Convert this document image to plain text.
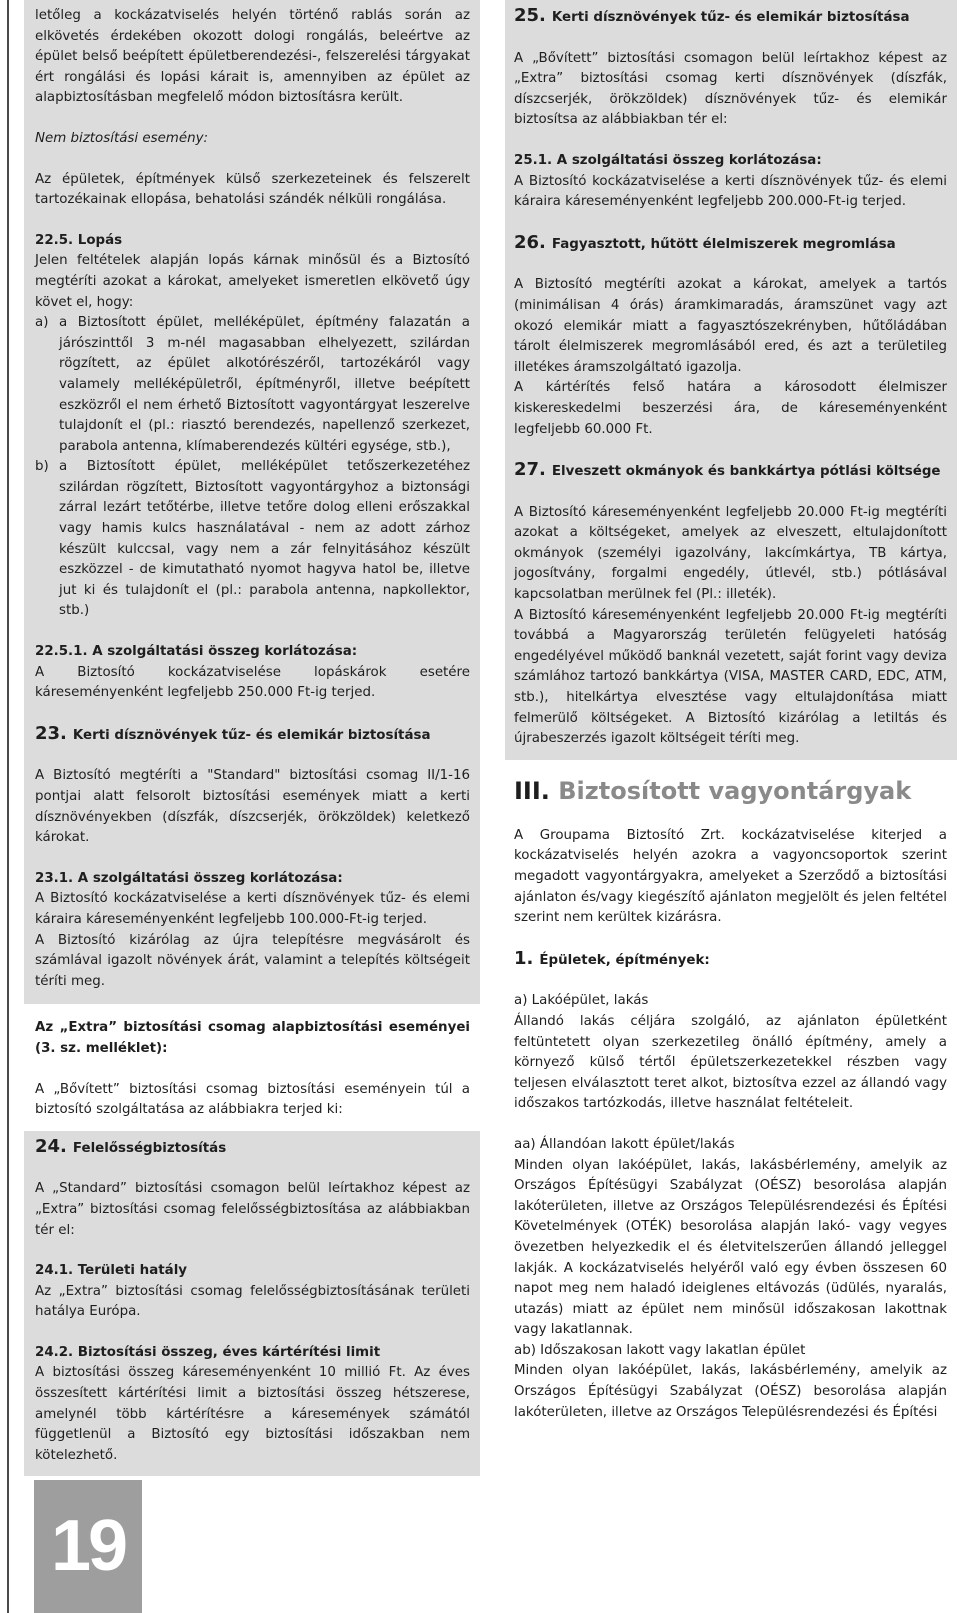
letőleg a kockázatviselés helyén történő rablás során az elkövetés érdekében okozott dologi rongálás, beleértve az épület belső beépített épületberendezési-, felszerelési tárgyakat ért rongálási és lopási kárait is, amennyiben az épület az alapbiztosításban megfelelő módon biztosításra került.

Nem biztosítási esemény:

Az épületek, építmények külső szerkezeteinek és felszerelt tartozékainak ellopása, behatolási szándék nélküli rongálása.

22.5. Lopás

Jelen feltételek alapján lopás kárnak minősül és a Biztosító megtéríti azokat a károkat, amelyeket ismeretlen elkövető úgy követ el, hogy:

a) a Biztosított épület, melléképület, építmény falazatán a járószinttől 3 m-nél magasabban elhelyezett, szilárdan rögzített, az épület alkotórészéről, tartozékáról vagy valamely melléképületről, építményről, illetve beépített eszközről el nem érhető Biztosított vagyontárgyat leszerelve tulajdonít el (pl.: riasztó berendezés, napellenző szerkezet, parabola antenna, klímaberendezés kültéri egysége, stb.),
b) a Biztosított épület, melléképület tetőszerkezetéhez szilárdan rögzített, Biztosított vagyontárgyhoz a biztonsági zárral lezárt tetőtérbe, illetve tetőre dolog elleni erőszakkal vagy hamis kulcs használatával - nem az adott zárhoz készült kulccsal, vagy nem a zár felnyitásához készült eszközzel - de kimutatható nyomot hagyva hatol be, illetve jut ki és tulajdonít el (pl.: parabola antenna, napkollektor, stb.)

22.5.1. A szolgáltatási összeg korlátozása:

A Biztosító kockázatviselése lopáskárok esetére káreseményenként legfeljebb 250.000 Ft-ig terjed.

23. Kerti dísznövények tűz- és elemikár biztosítása

A Biztosító megtéríti a "Standard" biztosítási csomag II/1-16 pontjai alatt felsorolt biztosítási események miatt a kerti dísznövényekben (díszfák, díszcserjék, örökzöldek) keletkező károkat.

23.1. A szolgáltatási összeg korlátozása:

A Biztosító kockázatviselése a kerti dísznövények tűz- és elemi káraira káreseményenként legfeljebb 100.000-Ft-ig terjed.

A Biztosító kizárólag az újra telepítésre megvásárolt és számlával igazolt növények árát, valamint a telepítés költségeit téríti meg.

Az „Extra” biztosítási csomag alapbiztosítási eseményei (3. sz. melléklet):

A „Bővített” biztosítási csomag biztosítási eseményein túl a biztosító szolgáltatása az alábbiakra terjed ki:

24. Felelősségbiztosítás

A „Standard” biztosítási csomagon belül leírtakhoz képest az „Extra” biztosítási csomag felelősségbiztosítása az alábbiakban tér el:

24.1. Területi hatály

Az „Extra” biztosítási csomag felelősségbiztosításának területi hatálya Európa.

24.2. Biztosítási összeg, éves kártérítési limit

A biztosítási összeg káreseményenként 10 millió Ft. Az éves összesített kártérítési limit a biztosítási összeg hétszerese, amelynél több kártérítésre a káresemények számától függetlenül a Biztosító egy biztosítási időszakban nem kötelezhető.

25. Kerti dísznövények tűz- és elemikár biztosítása

A „Bővített” biztosítási csomagon belül leírtakhoz képest az „Extra” biztosítási csomag kerti dísznövények (díszfák, díszcserjék, örökzöldek) dísznövények tűz- és elemikár biztosítsa az alábbiakban tér el:

25.1. A szolgáltatási összeg korlátozása:

A Biztosító kockázatviselése a kerti dísznövények tűz- és elemi káraira káreseményenként legfeljebb 200.000-Ft-ig terjed.

26. Fagyasztott, hűtött élelmiszerek megromlása

A Biztosító megtéríti azokat a károkat, amelyek a tartós (minimálisan 4 órás) áramkimaradás, áramszünet vagy azt okozó elemikár miatt a fagyasztószekrényben, hűtőládában tárolt élelmiszerek megromlásából ered, és azt a területileg illetékes áramszolgáltató igazolja.

A kártérítés felső határa a károsodott élelmiszer kiskereskedelmi beszerzési ára, de káreseményenként legfeljebb 60.000 Ft.

27. Elveszett okmányok és bankkártya pótlási költsége

A Biztosító káreseményenként legfeljebb 20.000 Ft-ig megtéríti azokat a költségeket, amelyek az elveszett, eltulajdonított okmányok (személyi igazolvány, lakcímkártya, TB kártya, jogosítvány, forgalmi engedély, útlevél, stb.) pótlásával kapcsolatban merülnek fel (Pl.: illeték).

A Biztosító káreseményenként legfeljebb 20.000 Ft-ig megtéríti továbbá a Magyarország területén felügyeleti hatóság engedélyével működő banknál vezetett, saját forint vagy deviza számlához tartozó bankkártya (VISA, MASTER CARD, EDC, ATM, stb.), hitelkártya elvesztése vagy eltulajdonítása miatt felmerülő költségeket. A Biztosító kizárólag a letiltás és újrabeszerzés igazolt költségeit téríti meg.

III. Biztosított vagyontárgyak

A Groupama Biztosító Zrt. kockázatviselése kiterjed a kockázatviselés helyén azokra a vagyoncsoportok szerint megadott vagyontárgyakra, amelyeket a Szerződő a biztosítási ajánlaton és/vagy kiegészítő ajánlaton megjelölt és jelen feltétel szerint nem kerültek kizárásra.

1. Épületek, építmények:

a) Lakóépület, lakás

Állandó lakás céljára szolgáló, az ajánlaton épületként feltüntetett olyan szerkezetileg önálló építmény, amely a környező külső tértől épületszerkezetekkel részben vagy teljesen elválasztott teret alkot, biztosítva ezzel az állandó vagy időszakos tartózkodás, illetve használat feltételeit.

aa) Állandóan lakott épület/lakás

Minden olyan lakóépület, lakás, lakásbérlemény, amelyik az Országos Építésügyi Szabályzat (OÉSZ) besorolása alapján lakóterületen, illetve az Országos Településrendezési és Építési Követelmények (OTÉK) besorolása alapján lakó- vagy vegyes övezetben helyezkedik el és életvitelszerűen állandó jelleggel lakják. A kockázatviselés helyéről való egy évben összesen 60 napot meg nem haladó ideiglenes eltávozás (üdülés, nyaralás, utazás) miatt az épület nem minősül időszakosan lakottnak vagy lakatlannak.

ab) Időszakosan lakott vagy lakatlan épület

Minden olyan lakóépület, lakás, lakásbérlemény, amelyik az Országos Építésügyi Szabályzat (OÉSZ) besorolása alapján lakóterületen, illetve az Országos Településrendezési és Építési

19
